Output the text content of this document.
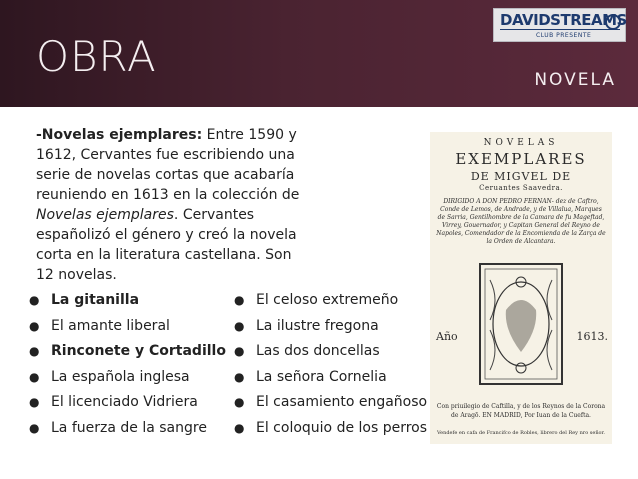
OBRA	NOVELA
DAVIDSTREAMS
CLUB PRESENTE

-Novelas ejemplares: Entre 1590 y 1612, Cervantes fue escribiendo una serie de novelas cortas que acabaría reuniendo en 1613 en la colección de Novelas ejemplares. Cervantes españolizó el género y creó la novela corta en la literatura castellana. Son 12 novelas.

● La gitanilla
● El amante liberal
● Rinconete y Cortadillo
● La española inglesa
● El licenciado Vidriera
● La fuerza de la sangre
● El celoso extremeño
● La ilustre fregona
● Las dos doncellas
● La señora Cornelia
● El casamiento engañoso
● El coloquio de los perros
NOVELAS
EXEMPLARES
DE MIGVEL DE
Ceruantes Saavedra.
DIRIGIDO A DON PEDRO FERNAN- dez de Caftro, Conde de Lemos, de Andrade, y de Villalua, Marques de Sarria, Gentilhombre de la Camara de fu Mageftad, Virrey, Gouernador, y Capitan General del Reyno de Napoles, Comendador de la Encomienda de la Zarça de la Orden de Alcantara.
Año	1613.
Con priuilegio de Caftilla, y de los Reynos de la Corona de Aragõ. EN MADRID, Por Iuan de la Cuefta.
Vendefe en cafa de Francifco de Robles, librero del Rey nro señor.
